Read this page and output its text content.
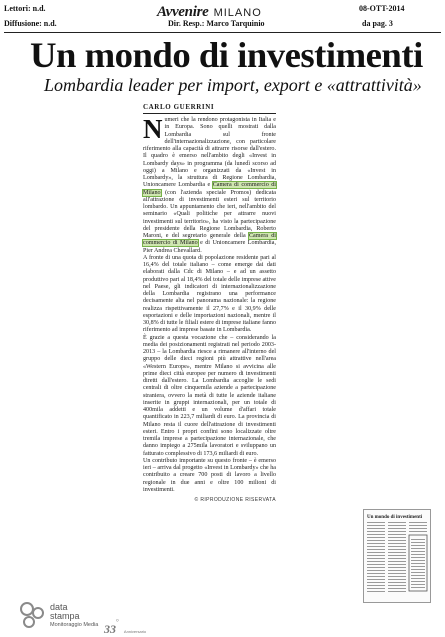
Lettori: n.d.
Diffusione: n.d.
Avvenire MILANO	08-OTT-2014
Dir. Resp.: Marco Tarquinio	da pag. 3
Un mondo di investimenti
Lombardia leader per import, export e «attrattività»
CARLO GUERRINI

Numeri che la rendono protagonista in Italia e in Europa. Sono quelli mostrati dalla Lombardia sul fronte dell'internazionalizzazione, con particolare riferimento alla capacità di attrarre risorse dall'estero. Il quadro è emerso nell'ambito degli «Invest in Lombardy days» in programma (da lunedì scorso ad oggi) a Milano e organizzati da «Invest in Lombardy», la struttura di Regione Lombardia, Unioncamere Lombardia e Camera di commercio di Milano (con l'azienda speciale Promos) dedicata all'attrazione di investimenti esteri sul territorio lombardo. Un appuntamento che ieri, nell'ambito del seminario «Quali politiche per attrarre nuovi investimenti sul territorio», ha visto la partecipazione del presidente della Regione Lombardia, Roberto Maroni, e del segretario generale della Camera di commercio di Milano e di Unioncamere Lombardia, Pier Andrea Chevallard.

A fronte di una quota di popolazione residente pari al 16,4% del totale italiano – come emerge dai dati elaborati dalla Cdc di Milano – e ad un assetto produttivo pari al 18,4% del totale delle imprese attive nel Paese, gli indicatori di internazionalizzazione della Lombardia registrano una performance decisamente alta nel panorama nazionale: la regione realizza rispettivamente il 27,7% e il 30,9% delle esportazioni e delle importazioni nazionali, mentre il 30,8% di tutte le filiali estere di imprese italiane fanno riferimento ad imprese basate in Lombardia.

È grazie a questa vocazione che – considerando la media dei posizionamenti registrati nel periodo 2003-2013 – la Lombardia riesce a rimanere all'interno del gruppo delle dieci regioni più attrattive nell'area «Western Europe», mentre Milano si avvicina alle prime dieci città europee per numero di investimenti diretti dall'estero. La Lombardia accoglie le sedi centrali di oltre cinquemila aziende a partecipazione straniera, ovvero la metà di tutte le aziende italiane inserite in gruppi internazionali, per un totale di 400mila addetti e un volume d'affari totale quantificato in 223,7 miliardi di euro. La provincia di Milano resta il cuore dell'attrazione di investimenti esteri. Entro i propri confini sono localizzate oltre tremila imprese a partecipazione internazionale, che danno impiego a 275mila lavoratori e sviluppano un fatturato complessivo di 173,6 miliardi di euro.

Un contributo importante su questo fronte – è emerso ieri – arriva dal progetto «Invest in Lombardy» che ha contribuito a creare 700 posti di lavoro a livello regionale in due anni e oltre 100 milioni di investimenti.

© RIPRODUZIONE RISERVATA
Un mondo di investimenti
data
stampa
Monitoraggio Media 33° Anniversario
